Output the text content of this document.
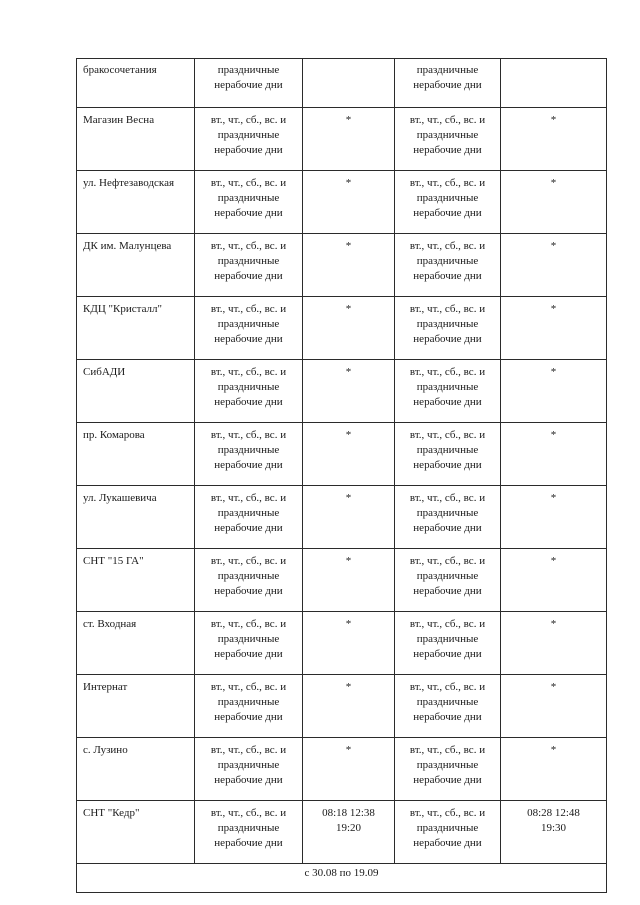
бракосочетания	праздничные
нерабочие дни		праздничные
нерабочие дни	

Магазин Весна	вт., чт., сб., вс. и
праздничные
нерабочие дни	*	вт., чт., сб., вс. и
праздничные
нерабочие дни	*
ул. Нефтезаводская	вт., чт., сб., вс. и
праздничные
нерабочие дни	*	вт., чт., сб., вс. и
праздничные
нерабочие дни	*
ДК им. Малунцева	вт., чт., сб., вс. и
праздничные
нерабочие дни	*	вт., чт., сб., вс. и
праздничные
нерабочие дни	*
КДЦ "Кристалл"	вт., чт., сб., вс. и
праздничные
нерабочие дни	*	вт., чт., сб., вс. и
праздничные
нерабочие дни	*
СибАДИ	вт., чт., сб., вс. и
праздничные
нерабочие дни	*	вт., чт., сб., вс. и
праздничные
нерабочие дни	*
пр. Комарова	вт., чт., сб., вс. и
праздничные
нерабочие дни	*	вт., чт., сб., вс. и
праздничные
нерабочие дни	*
ул. Лукашевича	вт., чт., сб., вс. и
праздничные
нерабочие дни	*	вт., чт., сб., вс. и
праздничные
нерабочие дни	*
СНТ "15 ГА"	вт., чт., сб., вс. и
праздничные
нерабочие дни	*	вт., чт., сб., вс. и
праздничные
нерабочие дни	*
ст. Входная	вт., чт., сб., вс. и
праздничные
нерабочие дни	*	вт., чт., сб., вс. и
праздничные
нерабочие дни	*
Интернат	вт., чт., сб., вс. и
праздничные
нерабочие дни	*	вт., чт., сб., вс. и
праздничные
нерабочие дни	*
с. Лузино	вт., чт., сб., вс. и
праздничные
нерабочие дни	*	вт., чт., сб., вс. и
праздничные
нерабочие дни	*
СНТ "Кедр"	вт., чт., сб., вс. и
праздничные
нерабочие дни	08:18 12:38
19:20	вт., чт., сб., вс. и
праздничные
нерабочие дни	08:28 12:48
19:30
с 30.08 по 19.09				
